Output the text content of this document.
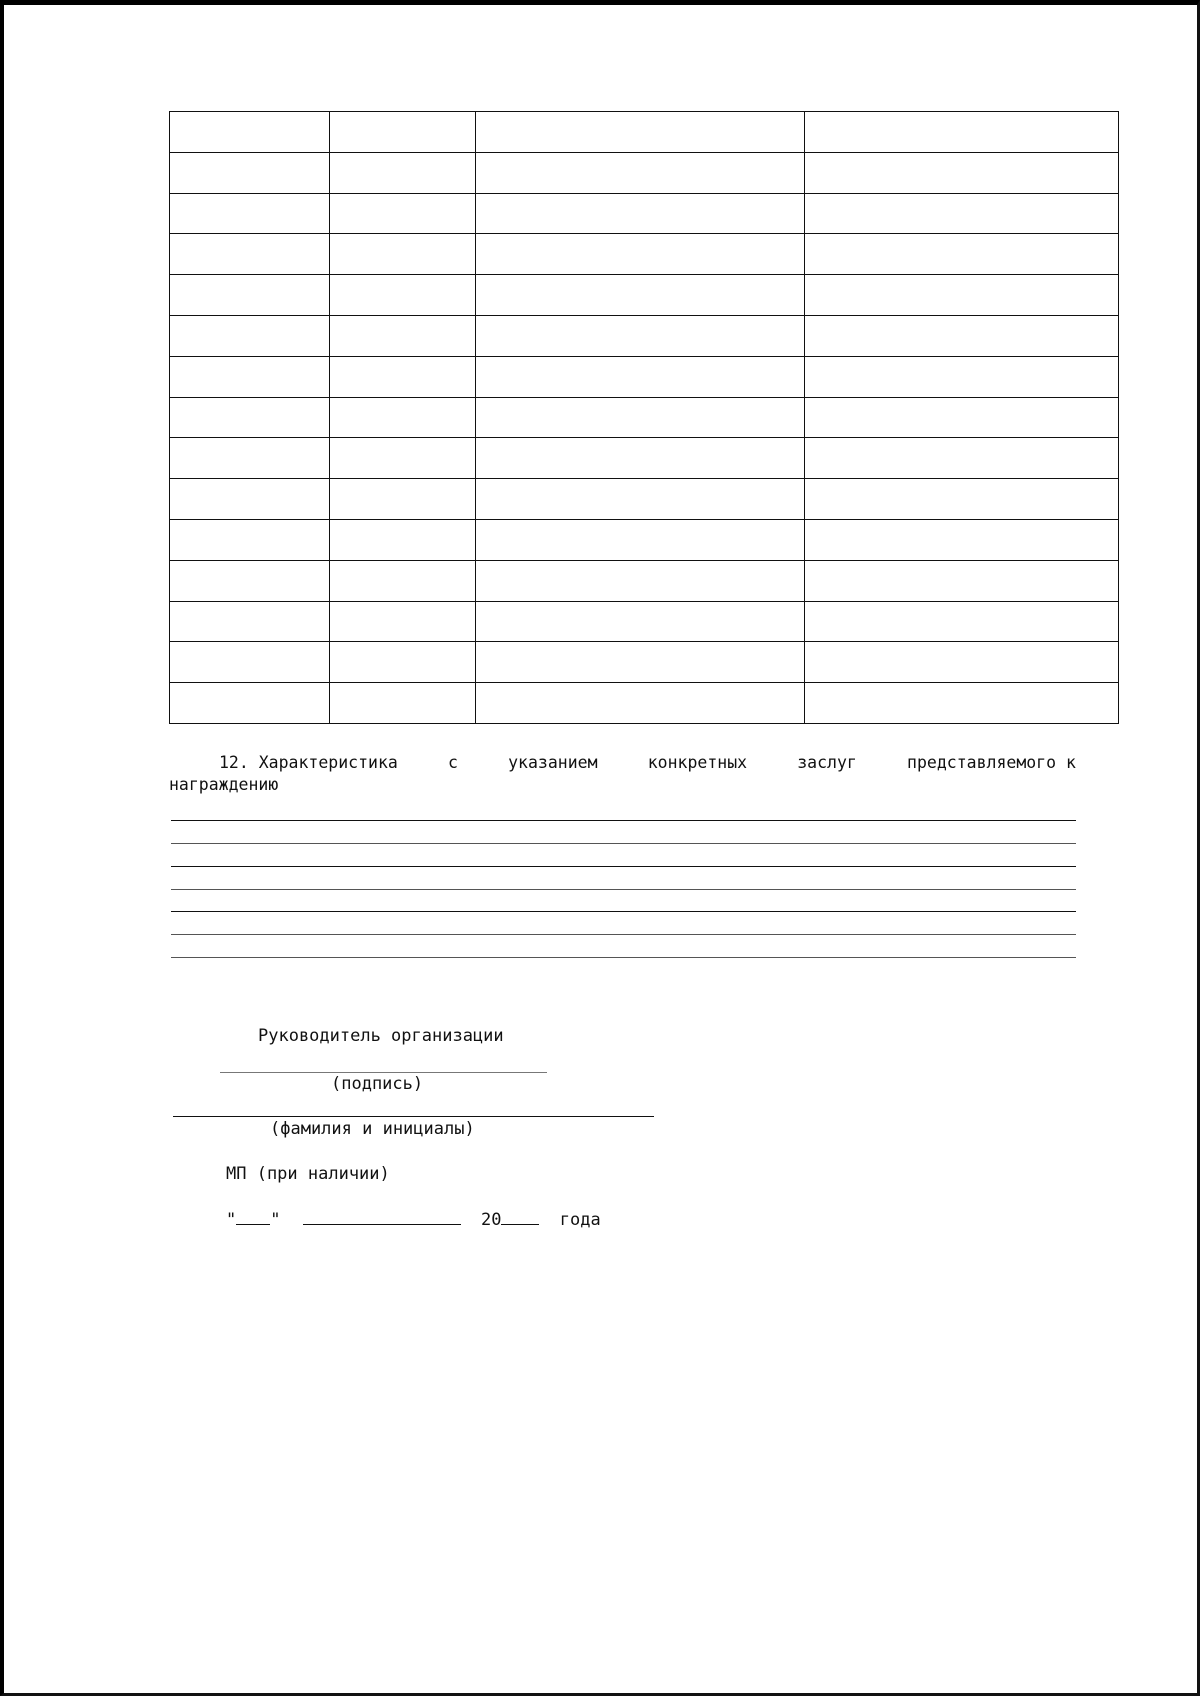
12. Характеристика	с	указанием	конкретных	заслуг	представляемого к
награждению
Руководитель организации
(подпись)
(фамилия и инициалы)
МП (при наличии)
" "	20	года
